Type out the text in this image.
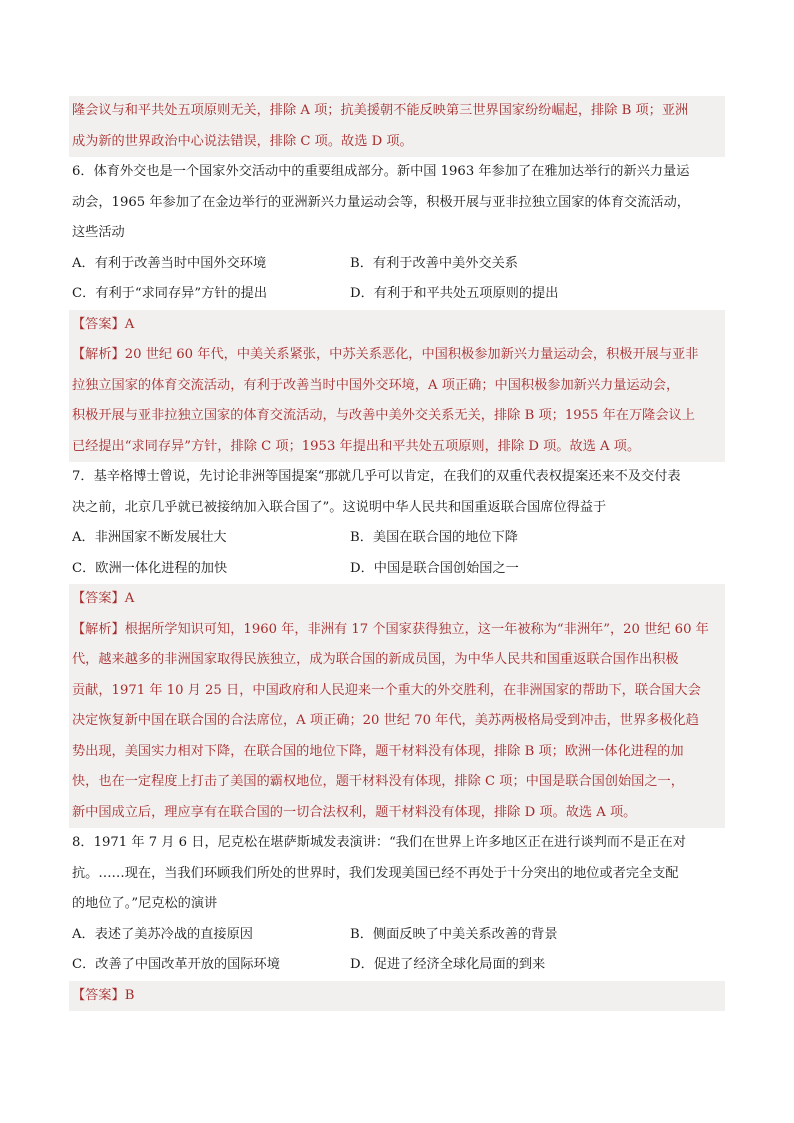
隆会议与和平共处五项原则无关，排除 A 项；抗美援朝不能反映第三世界国家纷纷崛起，排除 B 项；亚洲
成为新的世界政治中心说法错误，排除 C 项。故选 D 项。
6．体育外交也是一个国家外交活动中的重要组成部分。新中国 1963 年参加了在雅加达举行的新兴力量运
动会，1965 年参加了在金边举行的亚洲新兴力量运动会等，积极开展与亚非拉独立国家的体育交流活动，
这些活动
A．有利于改善当时中国外交环境	B．有利于改善中美外交关系
C．有利于“求同存异”方针的提出	D．有利于和平共处五项原则的提出
【答案】A
【解析】20 世纪 60 年代，中美关系紧张，中苏关系恶化，中国积极参加新兴力量运动会，积极开展与亚非
拉独立国家的体育交流活动，有利于改善当时中国外交环境，A 项正确；中国积极参加新兴力量运动会，
积极开展与亚非拉独立国家的体育交流活动，与改善中美外交关系无关，排除 B 项；1955 年在万隆会议上
已经提出“求同存异”方针，排除 C 项；1953 年提出和平共处五项原则，排除 D 项。故选 A 项。
7．基辛格博士曾说，先讨论非洲等国提案“那就几乎可以肯定，在我们的双重代表权提案还来不及交付表
决之前，北京几乎就已被接纳加入联合国了”。这说明中华人民共和国重返联合国席位得益于
A．非洲国家不断发展壮大	B．美国在联合国的地位下降
C．欧洲一体化进程的加快	D．中国是联合国创始国之一
【答案】A
【解析】根据所学知识可知，1960 年，非洲有 17 个国家获得独立，这一年被称为“非洲年”，20 世纪 60 年
代，越来越多的非洲国家取得民族独立，成为联合国的新成员国，为中华人民共和国重返联合国作出积极
贡献，1971 年 10 月 25 日，中国政府和人民迎来一个重大的外交胜利，在非洲国家的帮助下，联合国大会
决定恢复新中国在联合国的合法席位，A 项正确；20 世纪 70 年代，美苏两极格局受到冲击，世界多极化趋
势出现，美国实力相对下降，在联合国的地位下降，题干材料没有体现，排除 B 项；欧洲一体化进程的加
快，也在一定程度上打击了美国的霸权地位，题干材料没有体现，排除 C 项；中国是联合国创始国之一，
新中国成立后，理应享有在联合国的一切合法权利，题干材料没有体现，排除 D 项。故选 A 项。
8．1971 年 7 月 6 日，尼克松在堪萨斯城发表演讲：“我们在世界上许多地区正在进行谈判而不是正在对
抗。……现在，当我们环顾我们所处的世界时，我们发现美国已经不再处于十分突出的地位或者完全支配
的地位了。”尼克松的演讲
A．表述了美苏冷战的直接原因	B．侧面反映了中美关系改善的背景
C．改善了中国改革开放的国际环境	D．促进了经济全球化局面的到来
【答案】B
